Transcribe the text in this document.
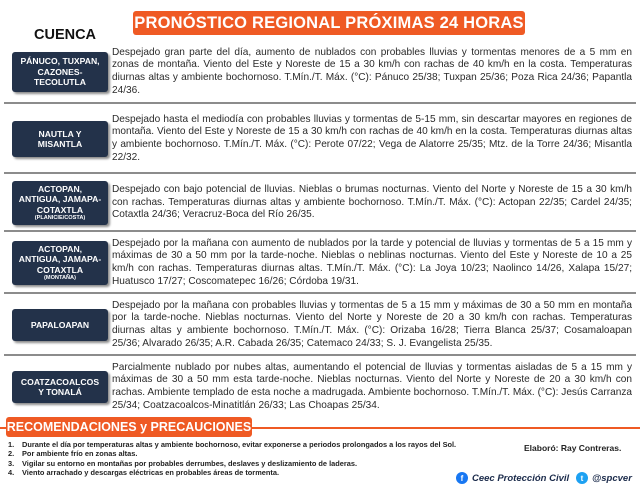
PRONÓSTICO REGIONAL PRÓXIMAS 24 HORAS
CUENCA
PÁNUCO, TUXPAN,
CAZONES-
TECOLUTLA
Despejado gran parte del día, aumento de nublados con probables lluvias y tormentas menores de a 5 mm en zonas de montaña. Viento del Este y Noreste de 15 a 30 km/h con rachas de 40 km/h en la costa. Temperaturas diurnas altas y ambiente bochornoso. T.Mín./T. Máx. (°C): Pánuco 25/38; Tuxpan 25/36; Poza Rica 24/36; Papantla 24/36.
NAUTLA Y
MISANTLA
Despejado hasta el mediodía con probables lluvias y tormentas de 5-15 mm, sin descartar mayores en regiones de montaña. Viento del Este y Noreste de 15 a 30 km/h con rachas de 40 km/h en la costa. Temperaturas diurnas altas y ambiente bochornoso. T.Mín./T. Máx. (°C): Perote 07/22; Vega de Alatorre 25/35; Mtz. de la Torre 24/36; Misantla 22/32.
ACTOPAN,
ANTIGUA, JAMAPA-
COTAXTLA
(PLANICIE/COSTA)
Despejado con bajo potencial de lluvias. Nieblas o brumas nocturnas. Viento del Norte y Noreste de 15 a 30 km/h con rachas. Temperaturas diurnas altas y ambiente bochornoso. T.Mín./T. Máx. (°C): Actopan 22/35; Cardel 24/35; Cotaxtla 24/36; Veracruz-Boca del Río 26/35.
ACTOPAN,
ANTIGUA, JAMAPA-
COTAXTLA
(MONTAÑA)
Despejado por la mañana con aumento de nublados por la tarde y potencial de lluvias y tormentas de 5 a 15 mm y máximas de 30 a 50 mm por la tarde-noche. Nieblas o neblinas nocturnas. Viento del Este y Noreste de 10 a 25 km/h con rachas. Temperaturas diurnas altas. T.Mín./T. Máx. (°C): La Joya 10/23; Naolinco 14/26, Xalapa 15/27; Huatusco 17/27; Coscomatepec 16/26; Córdoba 19/31.
PAPALOAPAN
Despejado por la mañana con probables lluvias y tormentas de 5 a 15 mm y máximas de 30 a 50 mm en montaña por la tarde-noche. Nieblas nocturnas. Viento del Norte y Noreste de 20 a 30 km/h con rachas. Temperaturas diurnas altas y ambiente bochornoso. T.Mín./T. Máx. (°C): Orizaba 16/28; Tierra Blanca 25/37; Cosamaloapan 25/36; Alvarado 26/35; A.R. Cabada 26/35; Catemaco 24/33; S. J. Evangelista 25/35.
COATZACOALCOS
Y TONALÁ
Parcialmente nublado por nubes altas, aumentando el potencial de lluvias y tormentas aisladas de 5 a 15 mm y máximas de 30 a 50 mm esta tarde-noche. Nieblas nocturnas. Viento del Norte y Noreste de 20 a 30 km/h con rachas. Ambiente templado de esta noche a madrugada. Ambiente bochornoso. T.Mín./T. Máx. (°C): Jesús Carranza 25/34; Coatzacoalcos-Minatitlán 26/33; Las Choapas 25/34.
RECOMENDACIONES y PRECAUCIONES
1.	Durante el día por temperaturas altas y ambiente bochornoso, evitar exponerse a periodos prolongados a los rayos del Sol.
2.	Por ambiente frío en zonas altas.
3.	Vigilar su entorno en montañas por probables derrumbes, deslaves y deslizamiento de laderas.
4.	Viento arrachado y descargas eléctricas en probables áreas de tormenta.
Elaboró: Ray Contreras.
f Ceec Protección Civil	t @spcver
